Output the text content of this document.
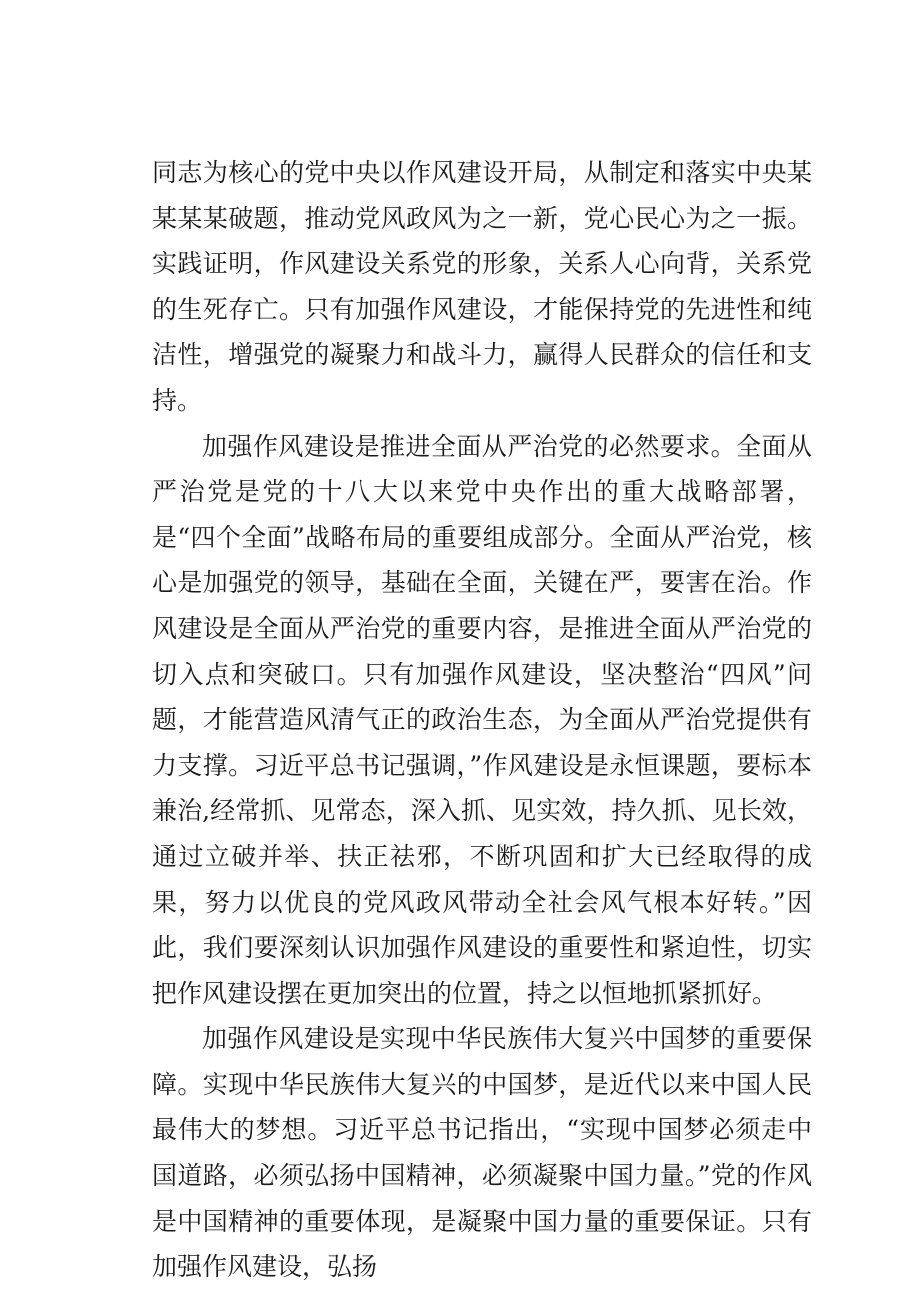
同志为核心的党中央以作风建设开局，从制定和落实中央某某某某破题，推动党风政风为之一新，党心民心为之一振。实践证明，作风建设关系党的形象，关系人心向背，关系党的生死存亡。只有加强作风建设，才能保持党的先进性和纯洁性，增强党的凝聚力和战斗力，赢得人民群众的信任和支持。

加强作风建设是推进全面从严治党的必然要求。全面从严治党是党的十八大以来党中央作出的重大战略部署，是“四个全面”战略布局的重要组成部分。全面从严治党，核心是加强党的领导，基础在全面，关键在严，要害在治。作风建设是全面从严治党的重要内容，是推进全面从严治党的切入点和突破口。只有加强作风建设，坚决整治“四风”问题，才能营造风清气正的政治生态，为全面从严治党提供有力支撑。习近平总书记强调，”作风建设是永恒课题，要标本兼治,经常抓、见常态，深入抓、见实效，持久抓、见长效，通过立破并举、扶正祛邪，不断巩固和扩大已经取得的成果，努力以优良的党风政风带动全社会风气根本好转。”因此，我们要深刻认识加强作风建设的重要性和紧迫性，切实把作风建设摆在更加突出的位置，持之以恒地抓紧抓好。

加强作风建设是实现中华民族伟大复兴中国梦的重要保障。实现中华民族伟大复兴的中国梦，是近代以来中国人民最伟大的梦想。习近平总书记指出，“实现中国梦必须走中国道路，必须弘扬中国精神，必须凝聚中国力量。”党的作风是中国精神的重要体现，是凝聚中国力量的重要保证。只有加强作风建设，弘扬
